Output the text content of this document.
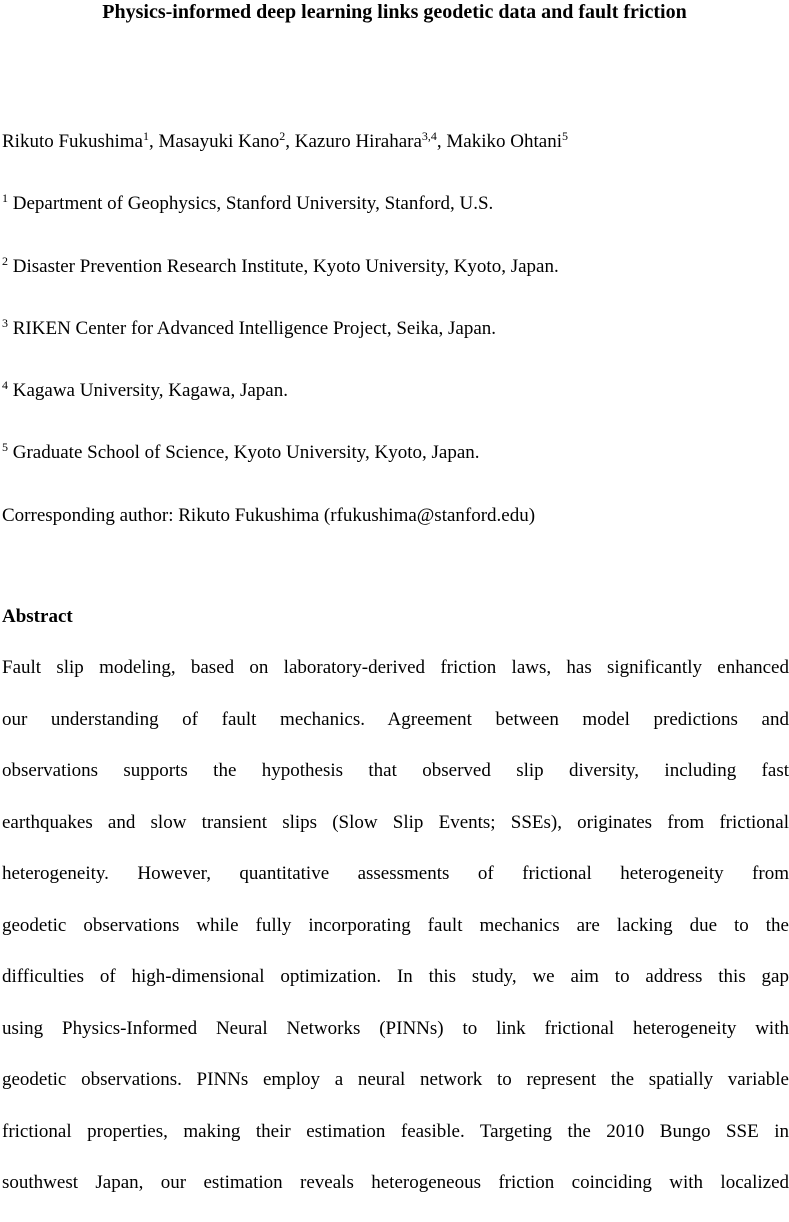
Physics-informed deep learning links geodetic data and fault friction
Rikuto Fukushima$^1$, Masayuki Kano$^2$, Kazuro Hirahara$^{3,4}$, Makiko Ohtani$^5$
$^1$ Department of Geophysics, Stanford University, Stanford, U.S.
$^2$ Disaster Prevention Research Institute, Kyoto University, Kyoto, Japan.
$^3$ RIKEN Center for Advanced Intelligence Project, Seika, Japan.
$^4$ Kagawa University, Kagawa, Japan.
$^5$ Graduate School of Science, Kyoto University, Kyoto, Japan.
Corresponding author: Rikuto Fukushima (rfukushima@stanford.edu)
Abstract
Fault slip modeling, based on laboratory-derived friction laws, has significantly enhanced
our understanding of fault mechanics. Agreement between model predictions and
observations supports the hypothesis that observed slip diversity, including fast
earthquakes and slow transient slips (Slow Slip Events; SSEs), originates from frictional
heterogeneity. However, quantitative assessments of frictional heterogeneity from
geodetic observations while fully incorporating fault mechanics are lacking due to the
difficulties of high-dimensional optimization. In this study, we aim to address this gap
using Physics-Informed Neural Networks (PINNs) to link frictional heterogeneity with
geodetic observations. PINNs employ a neural network to represent the spatially variable
frictional properties, making their estimation feasible. Targeting the 2010 Bungo SSE in
southwest Japan, our estimation reveals heterogeneous friction coinciding with localized
